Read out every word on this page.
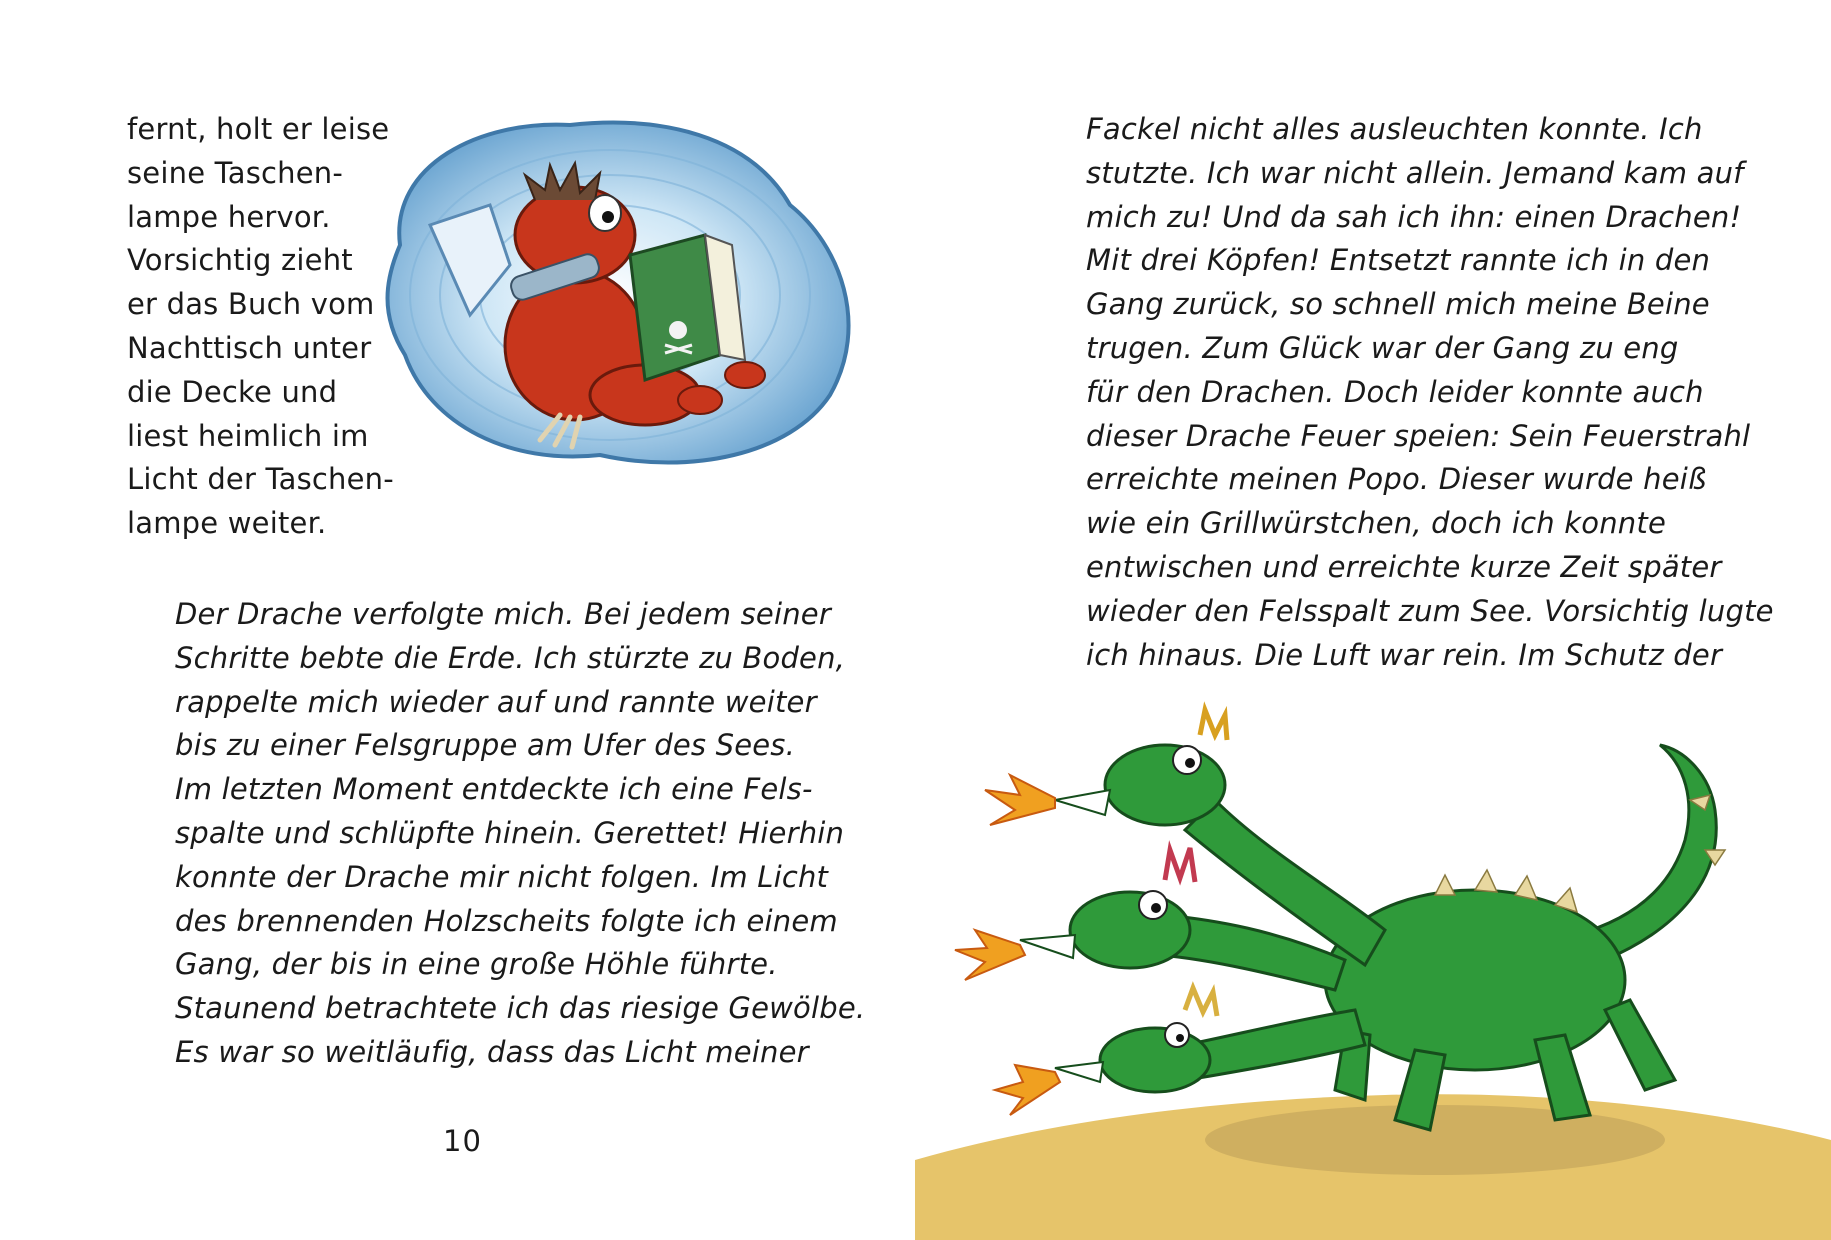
fernt, holt er leise
seine Taschen-
lampe hervor.
Vorsichtig zieht
er das Buch vom
Nachttisch unter
die Decke und
liest heimlich im
Licht der Taschen-
lampe weiter.
Der Drache verfolgte mich. Bei jedem seiner
Schritte bebte die Erde. Ich stürzte zu Boden,
rappelte mich wieder auf und rannte weiter
bis zu einer Felsgruppe am Ufer des Sees.
Im letzten Moment entdeckte ich eine Fels-
spalte und schlüpfte hinein. Gerettet! Hierhin
konnte der Drache mir nicht folgen. Im Licht
des brennenden Holzscheits folgte ich einem
Gang, der bis in eine große Höhle führte.
Staunend betrachtete ich das riesige Gewölbe.
Es war so weitläufig, dass das Licht meiner
10
Fackel nicht alles ausleuchten konnte. Ich
stutzte. Ich war nicht allein. Jemand kam auf
mich zu! Und da sah ich ihn: einen Drachen!
Mit drei Köpfen! Entsetzt rannte ich in den
Gang zurück, so schnell mich meine Beine
trugen. Zum Glück war der Gang zu eng
für den Drachen. Doch leider konnte auch
dieser Drache Feuer speien: Sein Feuerstrahl
erreichte meinen Popo. Dieser wurde heiß
wie ein Grillwürstchen, doch ich konnte
entwischen und erreichte kurze Zeit später
wieder den Felsspalt zum See. Vorsichtig lugte
ich hinaus. Die Luft war rein. Im Schutz der
